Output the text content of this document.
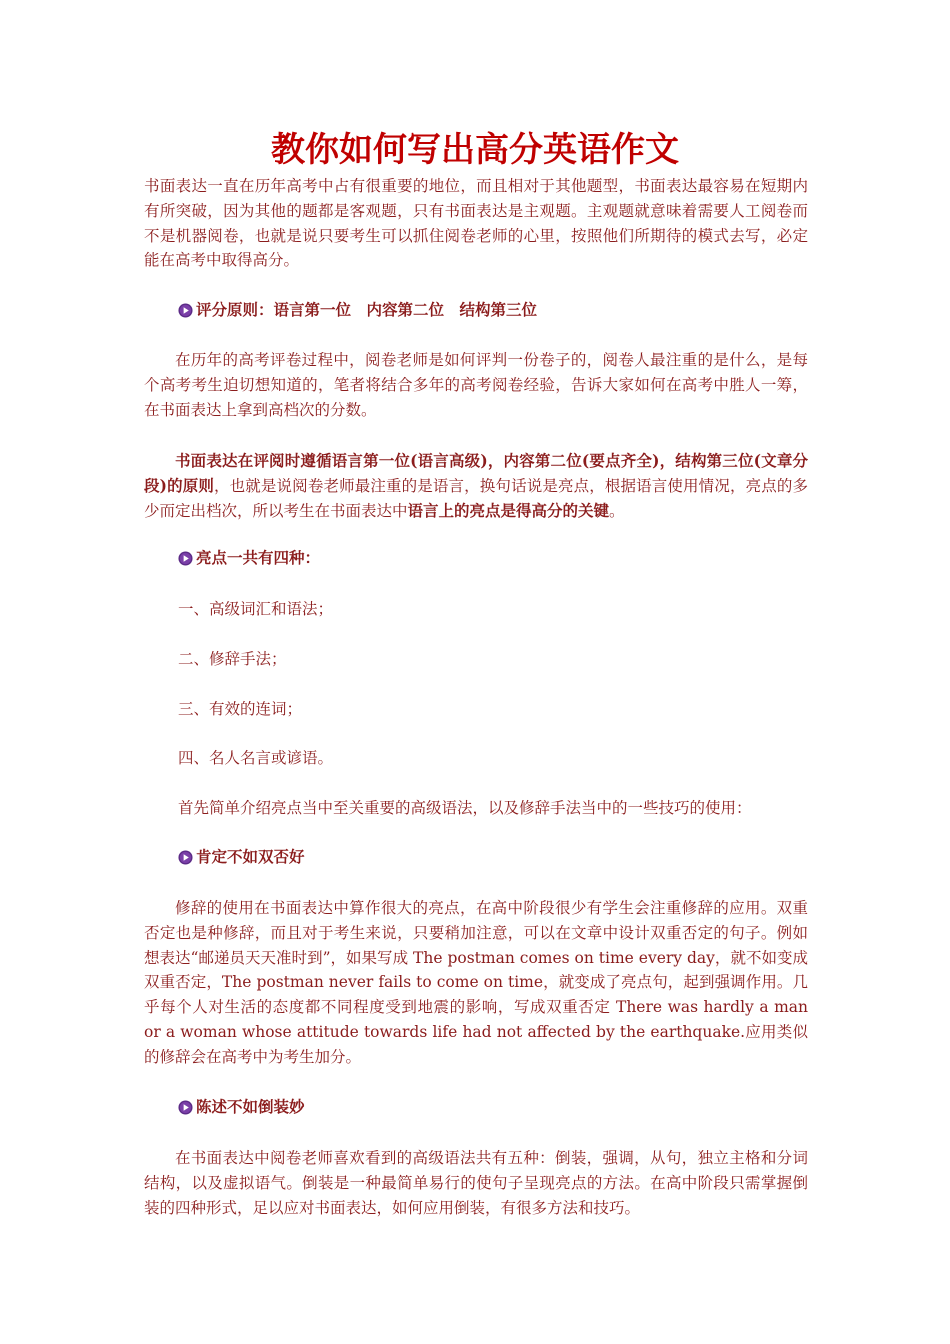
教你如何写出高分英语作文

书面表达一直在历年高考中占有很重要的地位，而且相对于其他题型，书面表达最容易在短期内有所突破，因为其他的题都是客观题，只有书面表达是主观题。主观题就意味着需要人工阅卷而不是机器阅卷，也就是说只要考生可以抓住阅卷老师的心里，按照他们所期待的模式去写，必定能在高考中取得高分。

评分原则：语言第一位　内容第二位　结构第三位

在历年的高考评卷过程中，阅卷老师是如何评判一份卷子的，阅卷人最注重的是什么，是每个高考考生迫切想知道的，笔者将结合多年的高考阅卷经验，告诉大家如何在高考中胜人一筹，在书面表达上拿到高档次的分数。

书面表达在评阅时遵循语言第一位(语言高级)，内容第二位(要点齐全)，结构第三位(文章分段)的原则，也就是说阅卷老师最注重的是语言，换句话说是亮点，根据语言使用情况，亮点的多少而定出档次，所以考生在书面表达中语言上的亮点是得高分的关键。

亮点一共有四种：

一、高级词汇和语法；

二、修辞手法；

三、有效的连词；

四、名人名言或谚语。

首先简单介绍亮点当中至关重要的高级语法，以及修辞手法当中的一些技巧的使用：

肯定不如双否好

修辞的使用在书面表达中算作很大的亮点，在高中阶段很少有学生会注重修辞的应用。双重否定也是种修辞，而且对于考生来说，只要稍加注意，可以在文章中设计双重否定的句子。例如想表达“邮递员天天准时到”，如果写成 The postman comes on time every day，就不如变成双重否定，The postman never fails to come on time，就变成了亮点句，起到强调作用。几乎每个人对生活的态度都不同程度受到地震的影响，写成双重否定 There was hardly a man or a woman whose attitude towards life had not affected by the earthquake.应用类似的修辞会在高考中为考生加分。

陈述不如倒装妙

在书面表达中阅卷老师喜欢看到的高级语法共有五种：倒装，强调，从句，独立主格和分词结构，以及虚拟语气。倒装是一种最简单易行的使句子呈现亮点的方法。在高中阶段只需掌握倒装的四种形式，足以应对书面表达，如何应用倒装，有很多方法和技巧。
